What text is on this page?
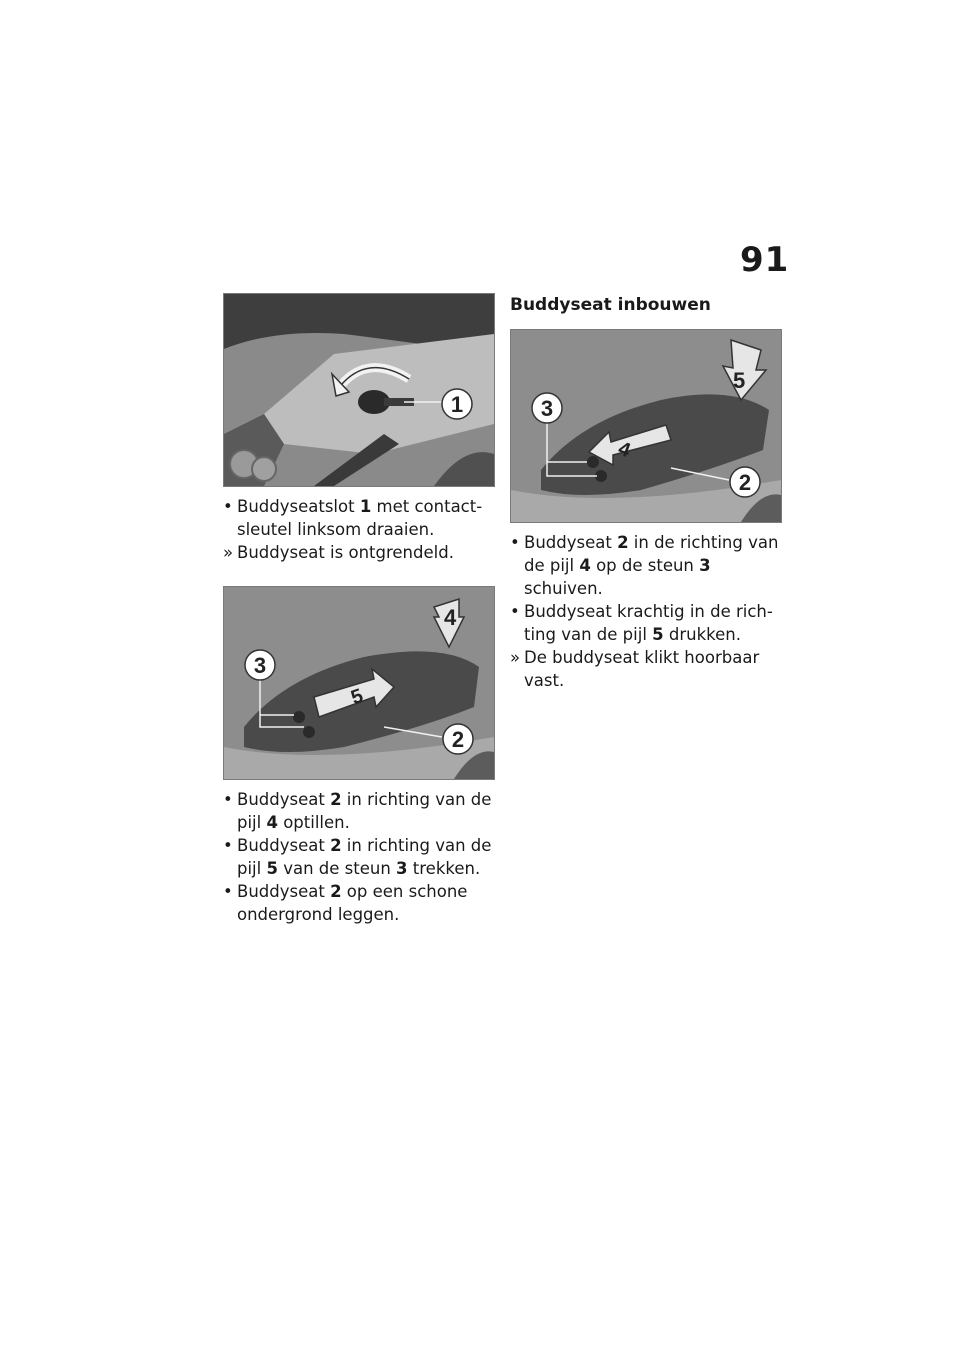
91
1
• Buddyseatslot 1 met contactsleutel linksom draaien.
» Buddyseat is ontgrendeld.
4
5
3
2
• Buddyseat 2 in richting van de pijl 4 optillen.
• Buddyseat 2 in richting van de pijl 5 van de steun 3 trekken.
• Buddyseat 2 op een schone ondergrond leggen.
Buddyseat inbouwen
5
4
3
2
• Buddyseat 2 in de richting van de pijl 4 op de steun 3 schuiven.
• Buddyseat krachtig in de richting van de pijl 5 drukken.
» De buddyseat klikt hoorbaar vast.
